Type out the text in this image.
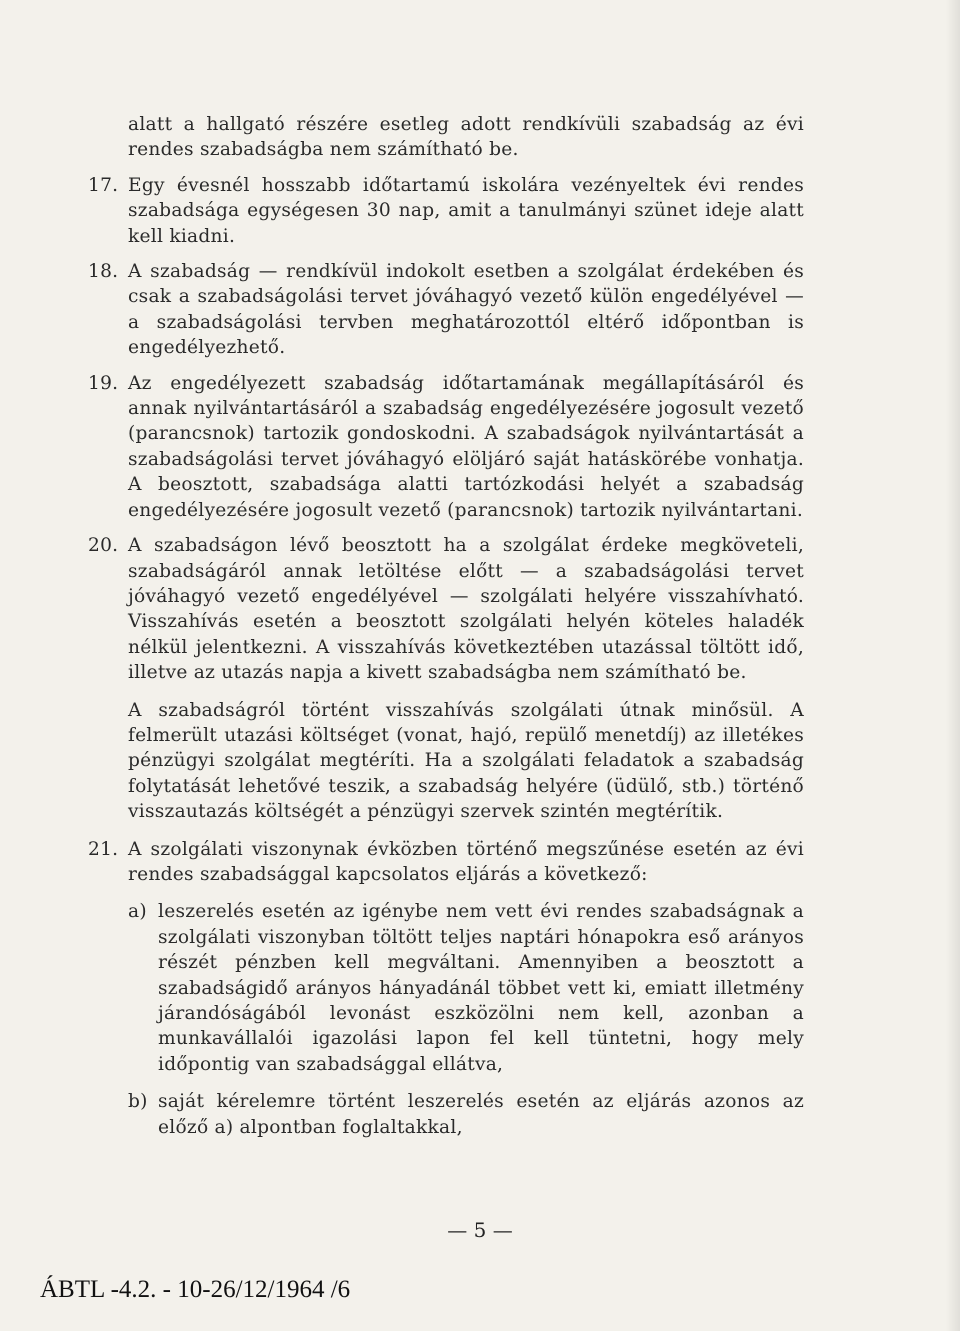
alatt a hallgató részére esetleg adott rendkívüli szabadság az évi rendes szabadságba nem számítható be.
17. Egy évesnél hosszabb időtartamú iskolára vezényeltek évi rendes szabadsága egységesen 30 nap, amit a tanulmányi szünet ideje alatt kell kiadni.
18. A szabadság — rendkívül indokolt esetben a szolgálat érdekében és csak a szabadságolási tervet jóváhagyó vezető külön engedélyével — a szabadságolási tervben meghatározottól eltérő időpontban is engedélyezhető.
19. Az engedélyezett szabadság időtartamának megállapításáról és annak nyilvántartásáról a szabadság engedélyezésére jogosult vezető (parancsnok) tartozik gondoskodni. A szabadságok nyilvántartását a szabadságolási tervet jóváhagyó elöljáró saját hatáskörébe vonhatja. A beosztott, szabadsága alatti tartózkodási helyét a szabadság engedélyezésére jogosult vezető (parancsnok) tartozik nyilvántartani.
20. A szabadságon lévő beosztott ha a szolgálat érdeke megköveteli, szabadságáról annak letöltése előtt — a szabadságolási tervet jóváhagyó vezető engedélyével — szolgálati helyére visszahívható. Visszahívás esetén a beosztott szolgálati helyén köteles haladék nélkül jelentkezni. A visszahívás következtében utazással töltött idő, illetve az utazás napja a kivett szabadságba nem számítható be.
A szabadságról történt visszahívás szolgálati útnak minősül. A felmerült utazási költséget (vonat, hajó, repülő menetdíj) az illetékes pénzügyi szolgálat megtéríti. Ha a szolgálati feladatok a szabadság folytatását lehetővé teszik, a szabadság helyére (üdülő, stb.) történő visszautazás költségét a pénzügyi szervek szintén megtérítik.
21. A szolgálati viszonynak évközben történő megszűnése esetén az évi rendes szabadsággal kapcsolatos eljárás a következő:
a) leszerelés esetén az igénybe nem vett évi rendes szabadságnak a szolgálati viszonyban töltött teljes naptári hónapokra eső arányos részét pénzben kell megváltani. Amennyiben a beosztott a szabadságidő arányos hányadánál többet vett ki, emiatt illetmény járandóságából levonást eszközölni nem kell, azonban a munkavállalói igazolási lapon fel kell tüntetni, hogy mely időpontig van szabadsággal ellátva,
b) saját kérelemre történt leszerelés esetén az eljárás azonos az előző a) alpontban foglaltakkal,
— 5 —
ÁBTL -4.2. - 10-26/12/1964 /6
